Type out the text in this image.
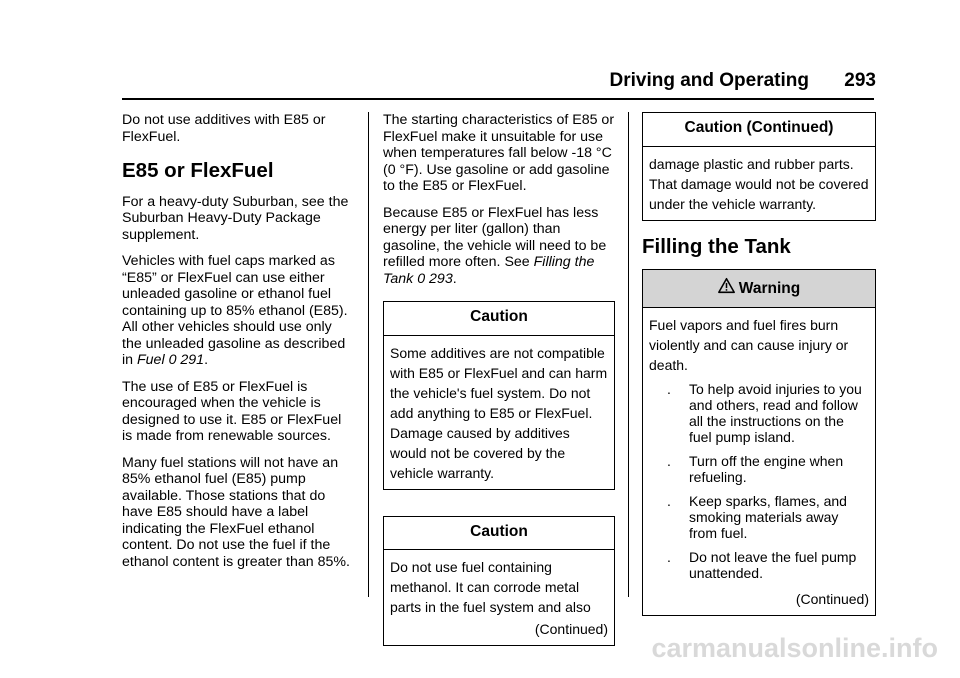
Driving and Operating 293

Do not use additives with E85 or FlexFuel.

E85 or FlexFuel

For a heavy-duty Suburban, see the Suburban Heavy-Duty Package supplement.

Vehicles with fuel caps marked as “E85” or FlexFuel can use either unleaded gasoline or ethanol fuel containing up to 85% ethanol (E85). All other vehicles should use only the unleaded gasoline as described in Fuel 0 291.

The use of E85 or FlexFuel is encouraged when the vehicle is designed to use it. E85 or FlexFuel is made from renewable sources.

Many fuel stations will not have an 85% ethanol fuel (E85) pump available. Those stations that do have E85 should have a label indicating the FlexFuel ethanol content. Do not use the fuel if the ethanol content is greater than 85%.

The starting characteristics of E85 or FlexFuel make it unsuitable for use when temperatures fall below -18 °C (0 °F). Use gasoline or add gasoline to the E85 or FlexFuel.

Because E85 or FlexFuel has less energy per liter (gallon) than gasoline, the vehicle will need to be refilled more often. See Filling the Tank 0 293.

Caution
Some additives are not compatible with E85 or FlexFuel and can harm the vehicle's fuel system. Do not add anything to E85 or FlexFuel. Damage caused by additives would not be covered by the vehicle warranty.
Caution
Do not use fuel containing methanol. It can corrode metal parts in the fuel system and also
(Continued)
Caution (Continued)
damage plastic and rubber parts. That damage would not be covered under the vehicle warranty.
Filling the Tank
Warning
Fuel vapors and fuel fires burn violently and can cause injury or death.
. To help avoid injuries to you and others, read and follow all the instructions on the fuel pump island.
. Turn off the engine when refueling.
. Keep sparks, flames, and smoking materials away from fuel.
. Do not leave the fuel pump unattended.
(Continued)
carmanualsonline.info
